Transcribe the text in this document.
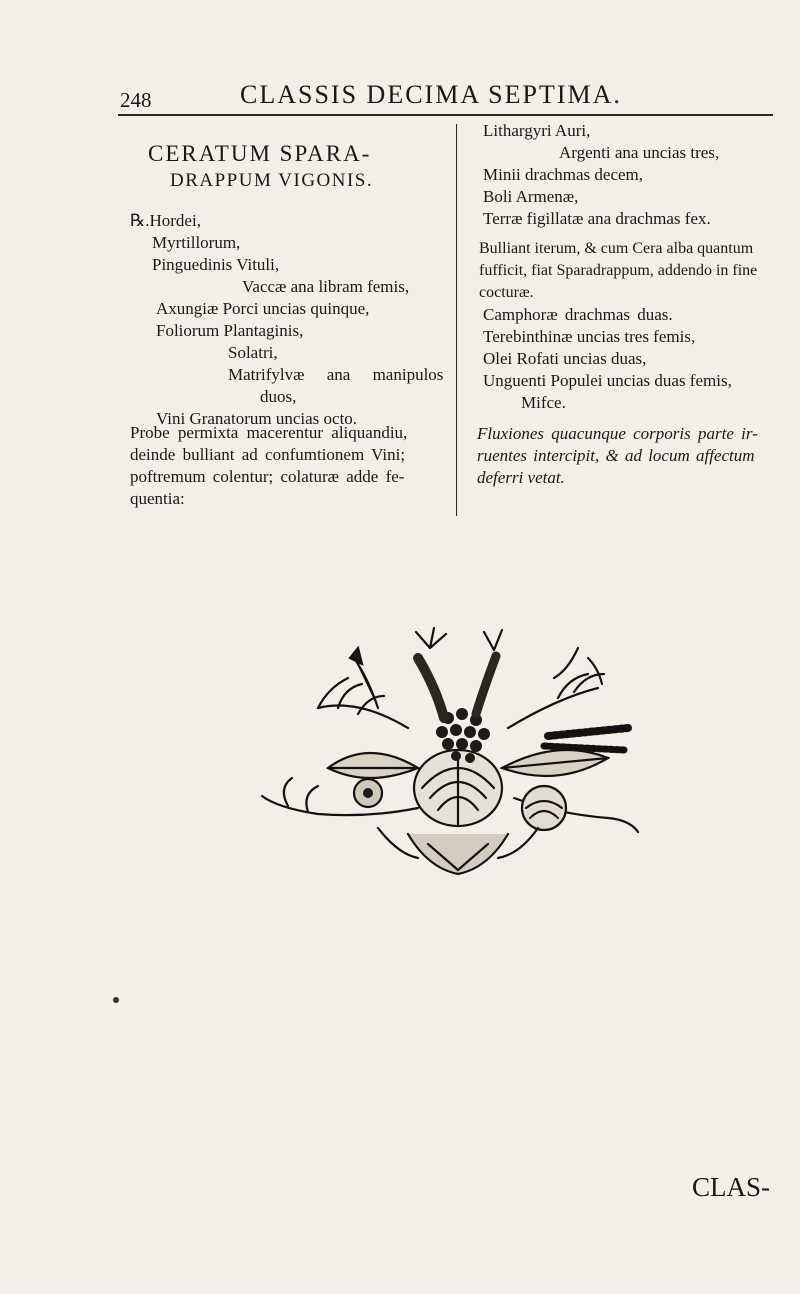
248	CLASSIS DECIMA SEPTIMA.
CERATUM SPARA-
DRAPPUM VIGONIS.
℞.Hordei,
Myrtillorum,
Pinguedinis Vituli,
Vaccæ ana libram femis,
Axungiæ Porci uncias quinque,
Foliorum Plantaginis,
Solatri,
Matrifylvæ ana manipulos
duos,
Vini Granatorum uncias octo.
Probe permixta macerentur aliquandiu,
deinde bulliant ad confumtionem Vini;
poftremum colentur; colaturæ adde fe-
quentia:
Lithargyri Auri,
Argenti ana uncias tres,
Minii drachmas decem,
Boli Armenæ,
Terræ figillatæ ana drachmas fex.
Bulliant iterum, & cum Cera alba quantum
fufficit, fiat Sparadrappum, addendo in fine
cocturæ.
Camphoræ drachmas duas.
Terebinthinæ uncias tres femis,
Olei Rofati uncias duas,
Unguenti Populei uncias duas femis,
Mifce.
Fluxiones quacunque corporis parte ir-
ruentes intercipit, & ad locum affectum
deferri vetat.
CLAS-
